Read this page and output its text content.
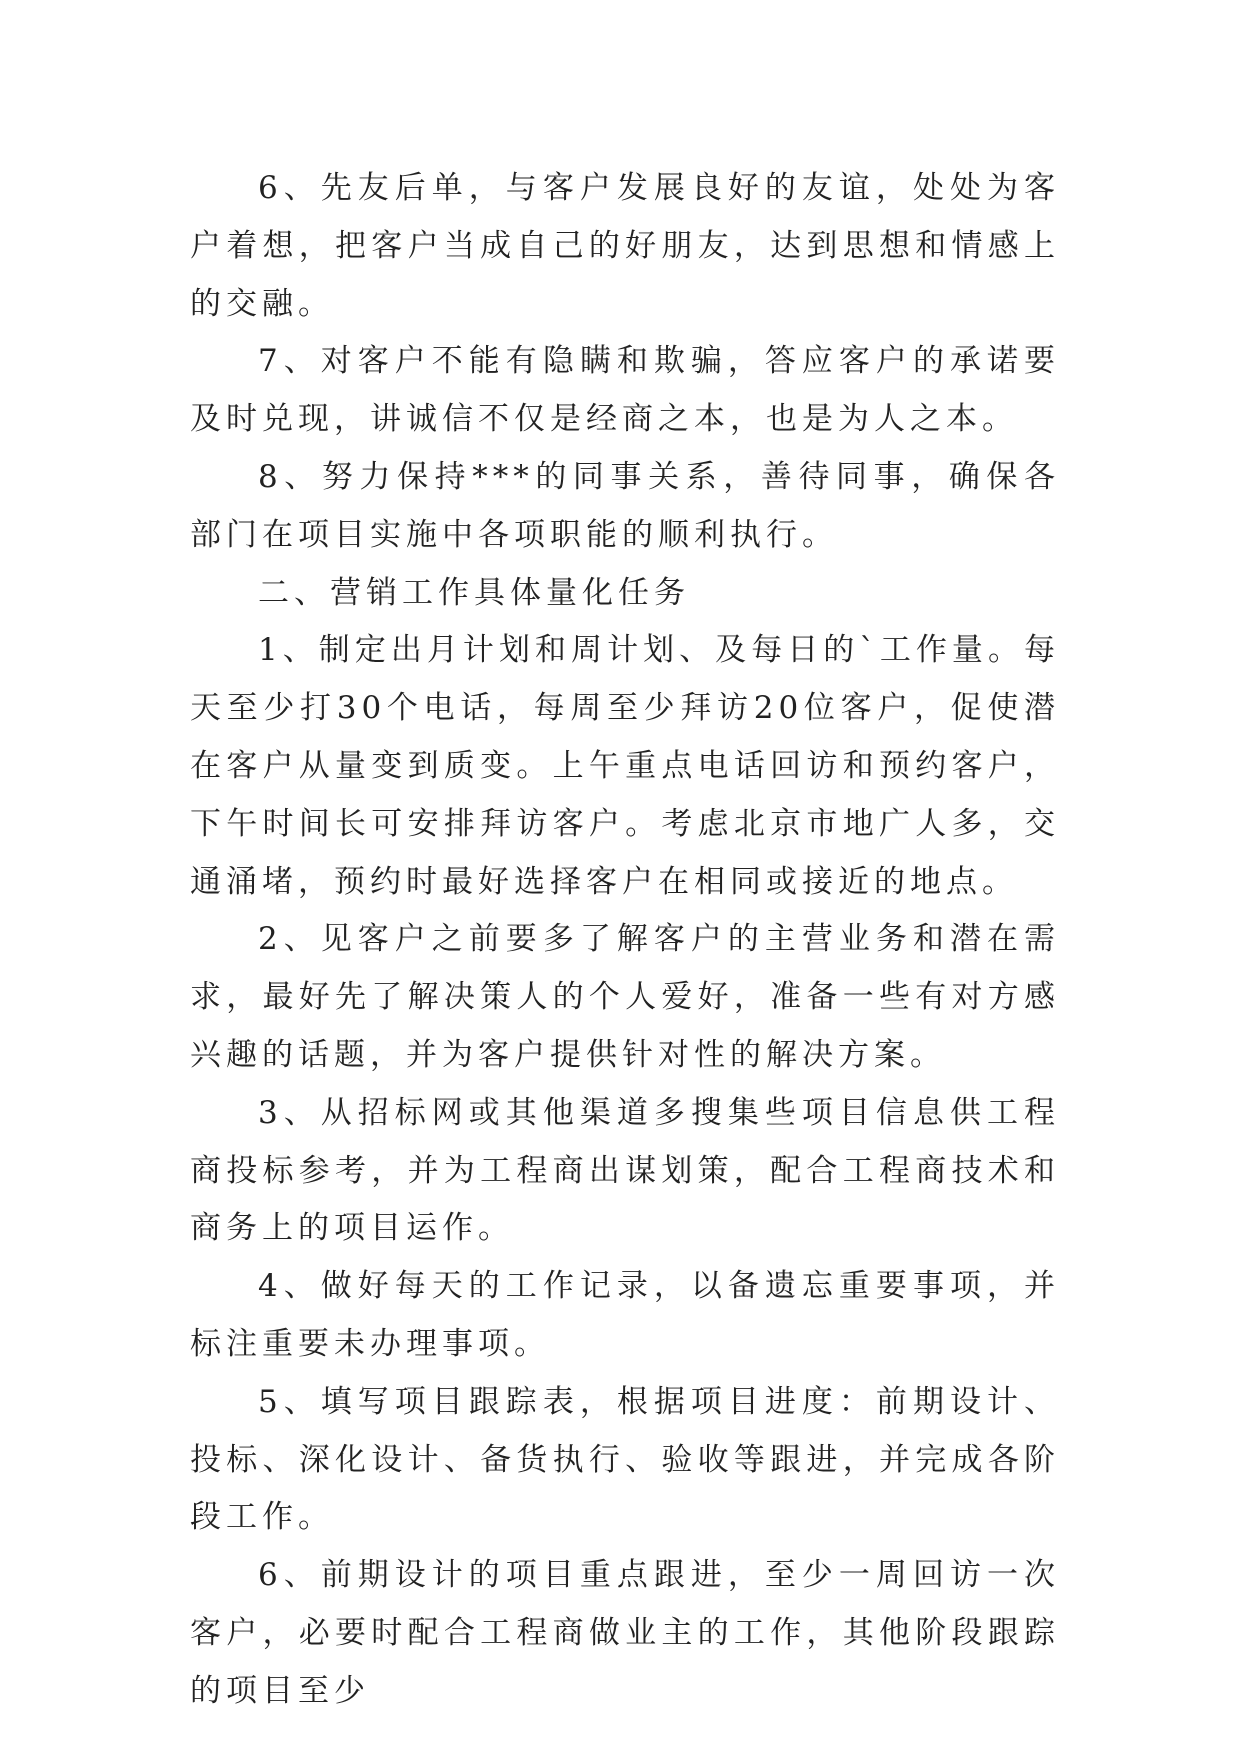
6、先友后单，与客户发展良好的友谊，处处为客户着想，把客户当成自己的好朋友，达到思想和情感上的交融。

7、对客户不能有隐瞒和欺骗，答应客户的承诺要及时兑现，讲诚信不仅是经商之本，也是为人之本。

8、努力保持***的同事关系，善待同事，确保各部门在项目实施中各项职能的顺利执行。

二、营销工作具体量化任务

1、制定出月计划和周计划、及每日的`工作量。每天至少打30个电话，每周至少拜访20位客户，促使潜在客户从量变到质变。上午重点电话回访和预约客户，下午时间长可安排拜访客户。考虑北京市地广人多，交通涌堵，预约时最好选择客户在相同或接近的地点。

2、见客户之前要多了解客户的主营业务和潜在需求，最好先了解决策人的个人爱好，准备一些有对方感兴趣的话题，并为客户提供针对性的解决方案。

3、从招标网或其他渠道多搜集些项目信息供工程商投标参考，并为工程商出谋划策，配合工程商技术和商务上的项目运作。

4、做好每天的工作记录，以备遗忘重要事项，并标注重要未办理事项。

5、填写项目跟踪表，根据项目进度：前期设计、投标、深化设计、备货执行、验收等跟进，并完成各阶段工作。

6、前期设计的项目重点跟进，至少一周回访一次客户，必要时配合工程商做业主的工作，其他阶段跟踪的项目至少
